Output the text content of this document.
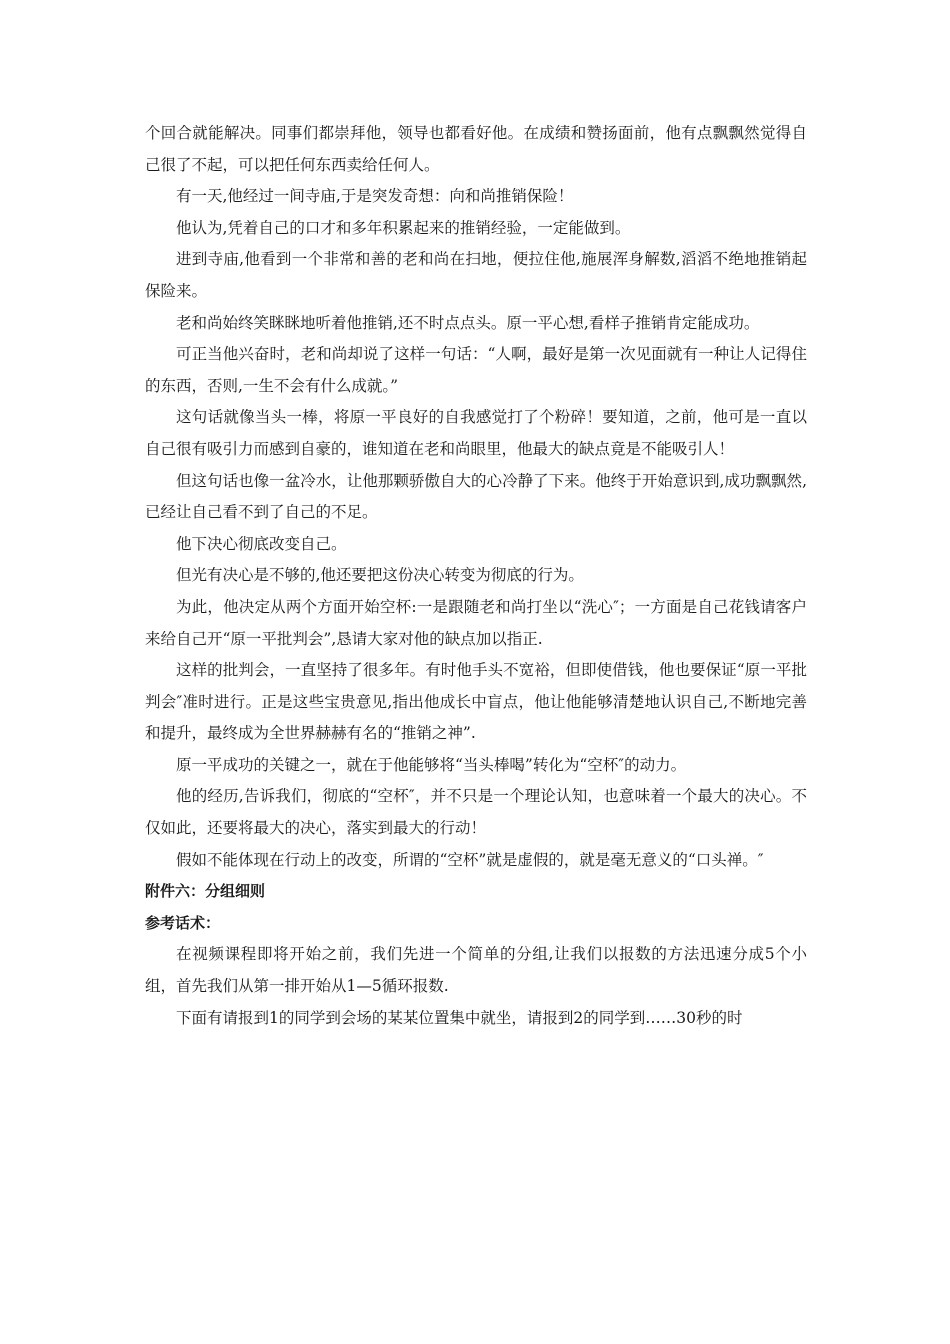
个回合就能解决。同事们都崇拜他，领导也都看好他。在成绩和赞扬面前，他有点飘飘然觉得自己很了不起，可以把任何东西卖给任何人。

有一天,他经过一间寺庙,于是突发奇想：向和尚推销保险！

他认为,凭着自己的口才和多年积累起来的推销经验，一定能做到。

进到寺庙,他看到一个非常和善的老和尚在扫地，便拉住他,施展浑身解数,滔滔不绝地推销起保险来。

老和尚始终笑眯眯地听着他推销,还不时点点头。原一平心想,看样子推销肯定能成功。

可正当他兴奋时，老和尚却说了这样一句话：“人啊，最好是第一次见面就有一种让人记得住的东西，否则,一生不会有什么成就。”

这句话就像当头一棒，将原一平良好的自我感觉打了个粉碎！要知道，之前，他可是一直以自己很有吸引力而感到自豪的，谁知道在老和尚眼里，他最大的缺点竟是不能吸引人！

但这句话也像一盆冷水，让他那颗骄傲自大的心冷静了下来。他终于开始意识到,成功飘飘然,已经让自己看不到了自己的不足。

他下决心彻底改变自己。

但光有决心是不够的,他还要把这份决心转变为彻底的行为。

为此，他决定从两个方面开始空杯:一是跟随老和尚打坐以“洗心″；一方面是自己花钱请客户来给自己开“原一平批判会”,恳请大家对他的缺点加以指正.

这样的批判会，一直坚持了很多年。有时他手头不宽裕，但即使借钱，他也要保证“原一平批判会″准时进行。正是这些宝贵意见,指出他成长中盲点，他让他能够清楚地认识自己,不断地完善和提升，最终成为全世界赫赫有名的“推销之神”.

原一平成功的关键之一，就在于他能够将“当头棒喝”转化为“空杯″的动力。

他的经历,告诉我们，彻底的“空杯″，并不只是一个理论认知，也意味着一个最大的决心。不仅如此，还要将最大的决心，落实到最大的行动！

假如不能体现在行动上的改变，所谓的“空杯”就是虚假的，就是毫无意义的“口头禅。″

附件六：分组细则

参考话术：

在视频课程即将开始之前，我们先进一个简单的分组,让我们以报数的方法迅速分成5个小组，首先我们从第一排开始从1—5循环报数.

下面有请报到1的同学到会场的某某位置集中就坐，请报到2的同学到……30秒的时
